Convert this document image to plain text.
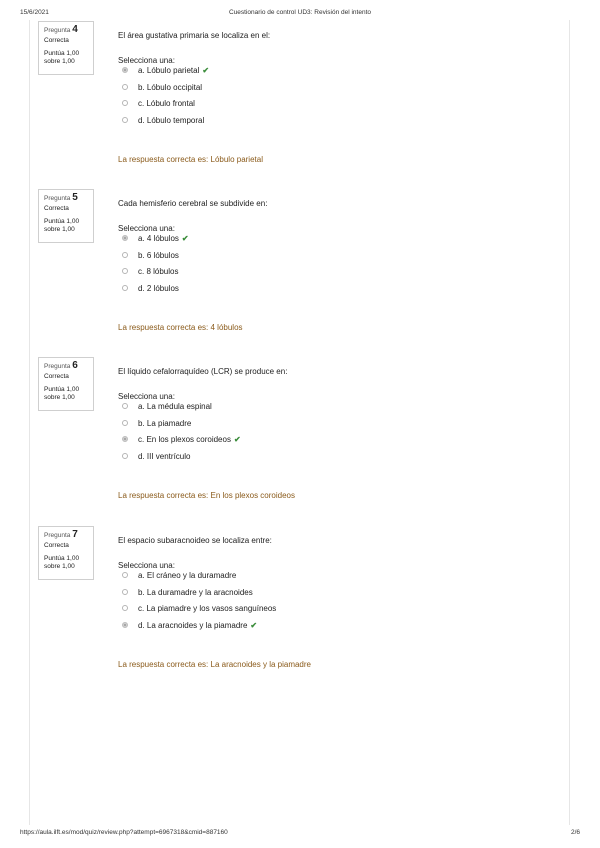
15/6/2021	Cuestionario de control UD3: Revisión del intento
Pregunta 4
Correcta
Puntúa 1,00
sobre 1,00
El área gustativa primaria se localiza en el:
Selecciona una:
a. Lóbulo parietal ✔
b. Lóbulo occipital
c. Lóbulo frontal
d. Lóbulo temporal
La respuesta correcta es: Lóbulo parietal
Pregunta 5
Correcta
Puntúa 1,00
sobre 1,00
Cada hemisferio cerebral se subdivide en:
Selecciona una:
a. 4 lóbulos ✔
b. 6 lóbulos
c. 8 lóbulos
d. 2 lóbulos
La respuesta correcta es: 4 lóbulos
Pregunta 6
Correcta
Puntúa 1,00
sobre 1,00
El líquido cefalorraquídeo (LCR) se produce en:
Selecciona una:
a. La médula espinal
b. La piamadre
c. En los plexos coroideos ✔
d. III ventrículo
La respuesta correcta es: En los plexos coroideos
Pregunta 7
Correcta
Puntúa 1,00
sobre 1,00
El espacio subaracnoideo se localiza entre:
Selecciona una:
a. El cráneo y la duramadre
b. La duramadre y la aracnoides
c. La piamadre y los vasos sanguíneos
d. La aracnoides y la piamadre ✔
La respuesta correcta es: La aracnoides y la piamadre
https://aula.ilft.es/mod/quiz/review.php?attempt=6967318&cmid=887160	2/6
